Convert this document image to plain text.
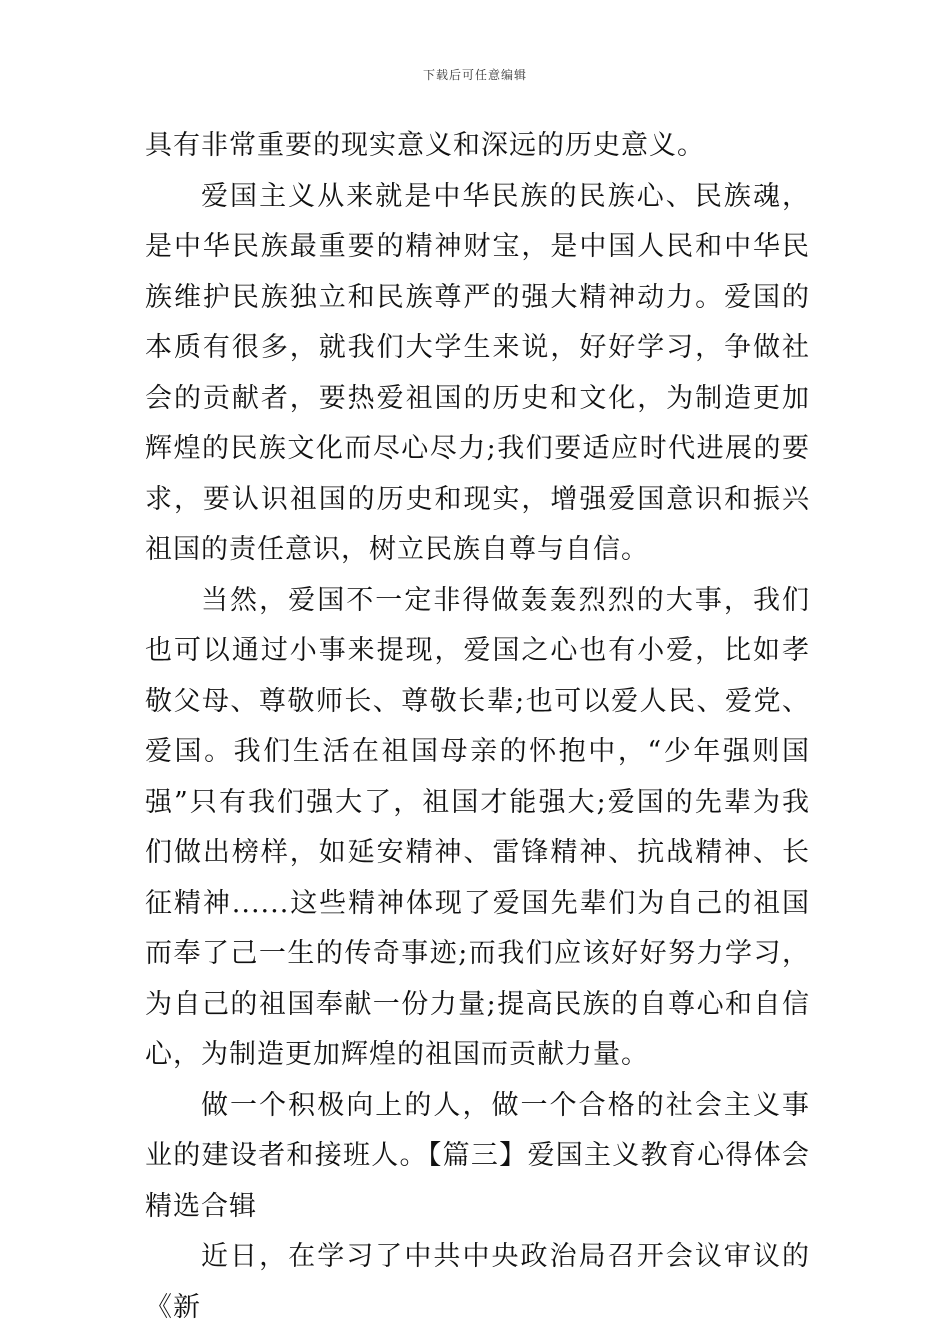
下载后可任意编辑

具有非常重要的现实意义和深远的历史意义。

爱国主义从来就是中华民族的民族心、民族魂，是中华民族最重要的精神财宝，是中国人民和中华民族维护民族独立和民族尊严的强大精神动力。爱国的本质有很多，就我们大学生来说，好好学习，争做社会的贡献者，要热爱祖国的历史和文化，为制造更加辉煌的民族文化而尽心尽力;我们要适应时代进展的要求，要认识祖国的历史和现实，增强爱国意识和振兴祖国的责任意识，树立民族自尊与自信。

当然，爱国不一定非得做轰轰烈烈的大事，我们也可以通过小事来提现，爱国之心也有小爱，比如孝敬父母、尊敬师长、尊敬长辈;也可以爱人民、爱党、爱国。我们生活在祖国母亲的怀抱中，“少年强则国强”只有我们强大了，祖国才能强大;爱国的先辈为我们做出榜样，如延安精神、雷锋精神、抗战精神、长征精神......这些精神体现了爱国先辈们为自己的祖国而奉了己一生的传奇事迹;而我们应该好好努力学习，为自己的祖国奉献一份力量;提高民族的自尊心和自信心，为制造更加辉煌的祖国而贡献力量。

做一个积极向上的人，做一个合格的社会主义事业的建设者和接班人。【篇三】爱国主义教育心得体会精选合辑

近日，在学习了中共中央政治局召开会议审议的《新
